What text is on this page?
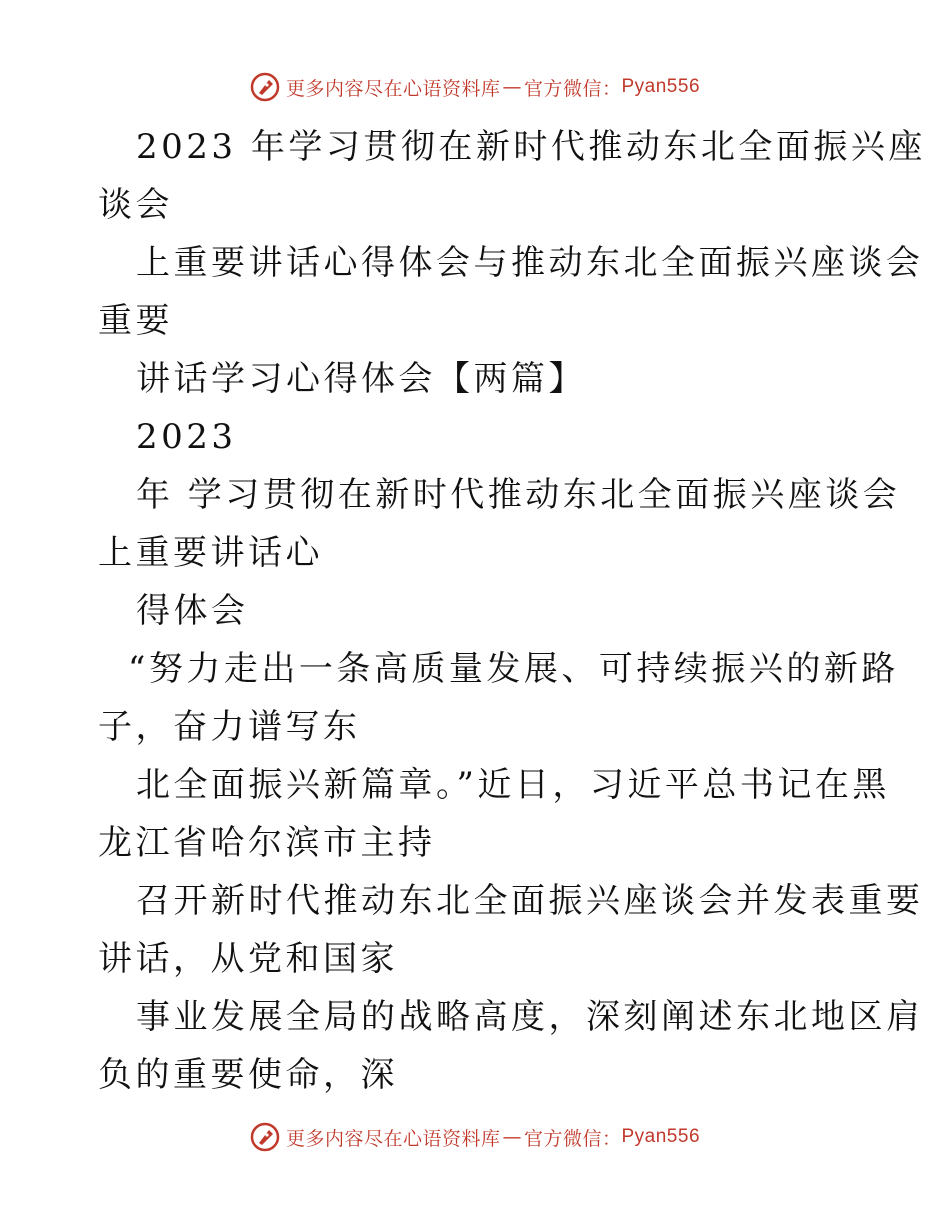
更多内容尽在心语资料库 — 官方微信： Pyan556

2023 年学习贯彻在新时代推动东北全面振兴座

谈会

上重要讲话心得体会与推动东北全面振兴座谈会

重要

讲话学习心得体会【两篇】

2023

年 学习贯彻在新时代推动东北全面振兴座谈会

上重要讲话心

得体会

“努力走出一条高质量发展、可持续振兴的新路

子，奋力谱写东

北全面振兴新篇章。”近日，习近平总书记在黑

龙江省哈尔滨市主持

召开新时代推动东北全面振兴座谈会并发表重要

讲话，从党和国家

事业发展全局的战略高度，深刻阐述东北地区肩

负的重要使命，深

更多内容尽在心语资料库 — 官方微信： Pyan556
